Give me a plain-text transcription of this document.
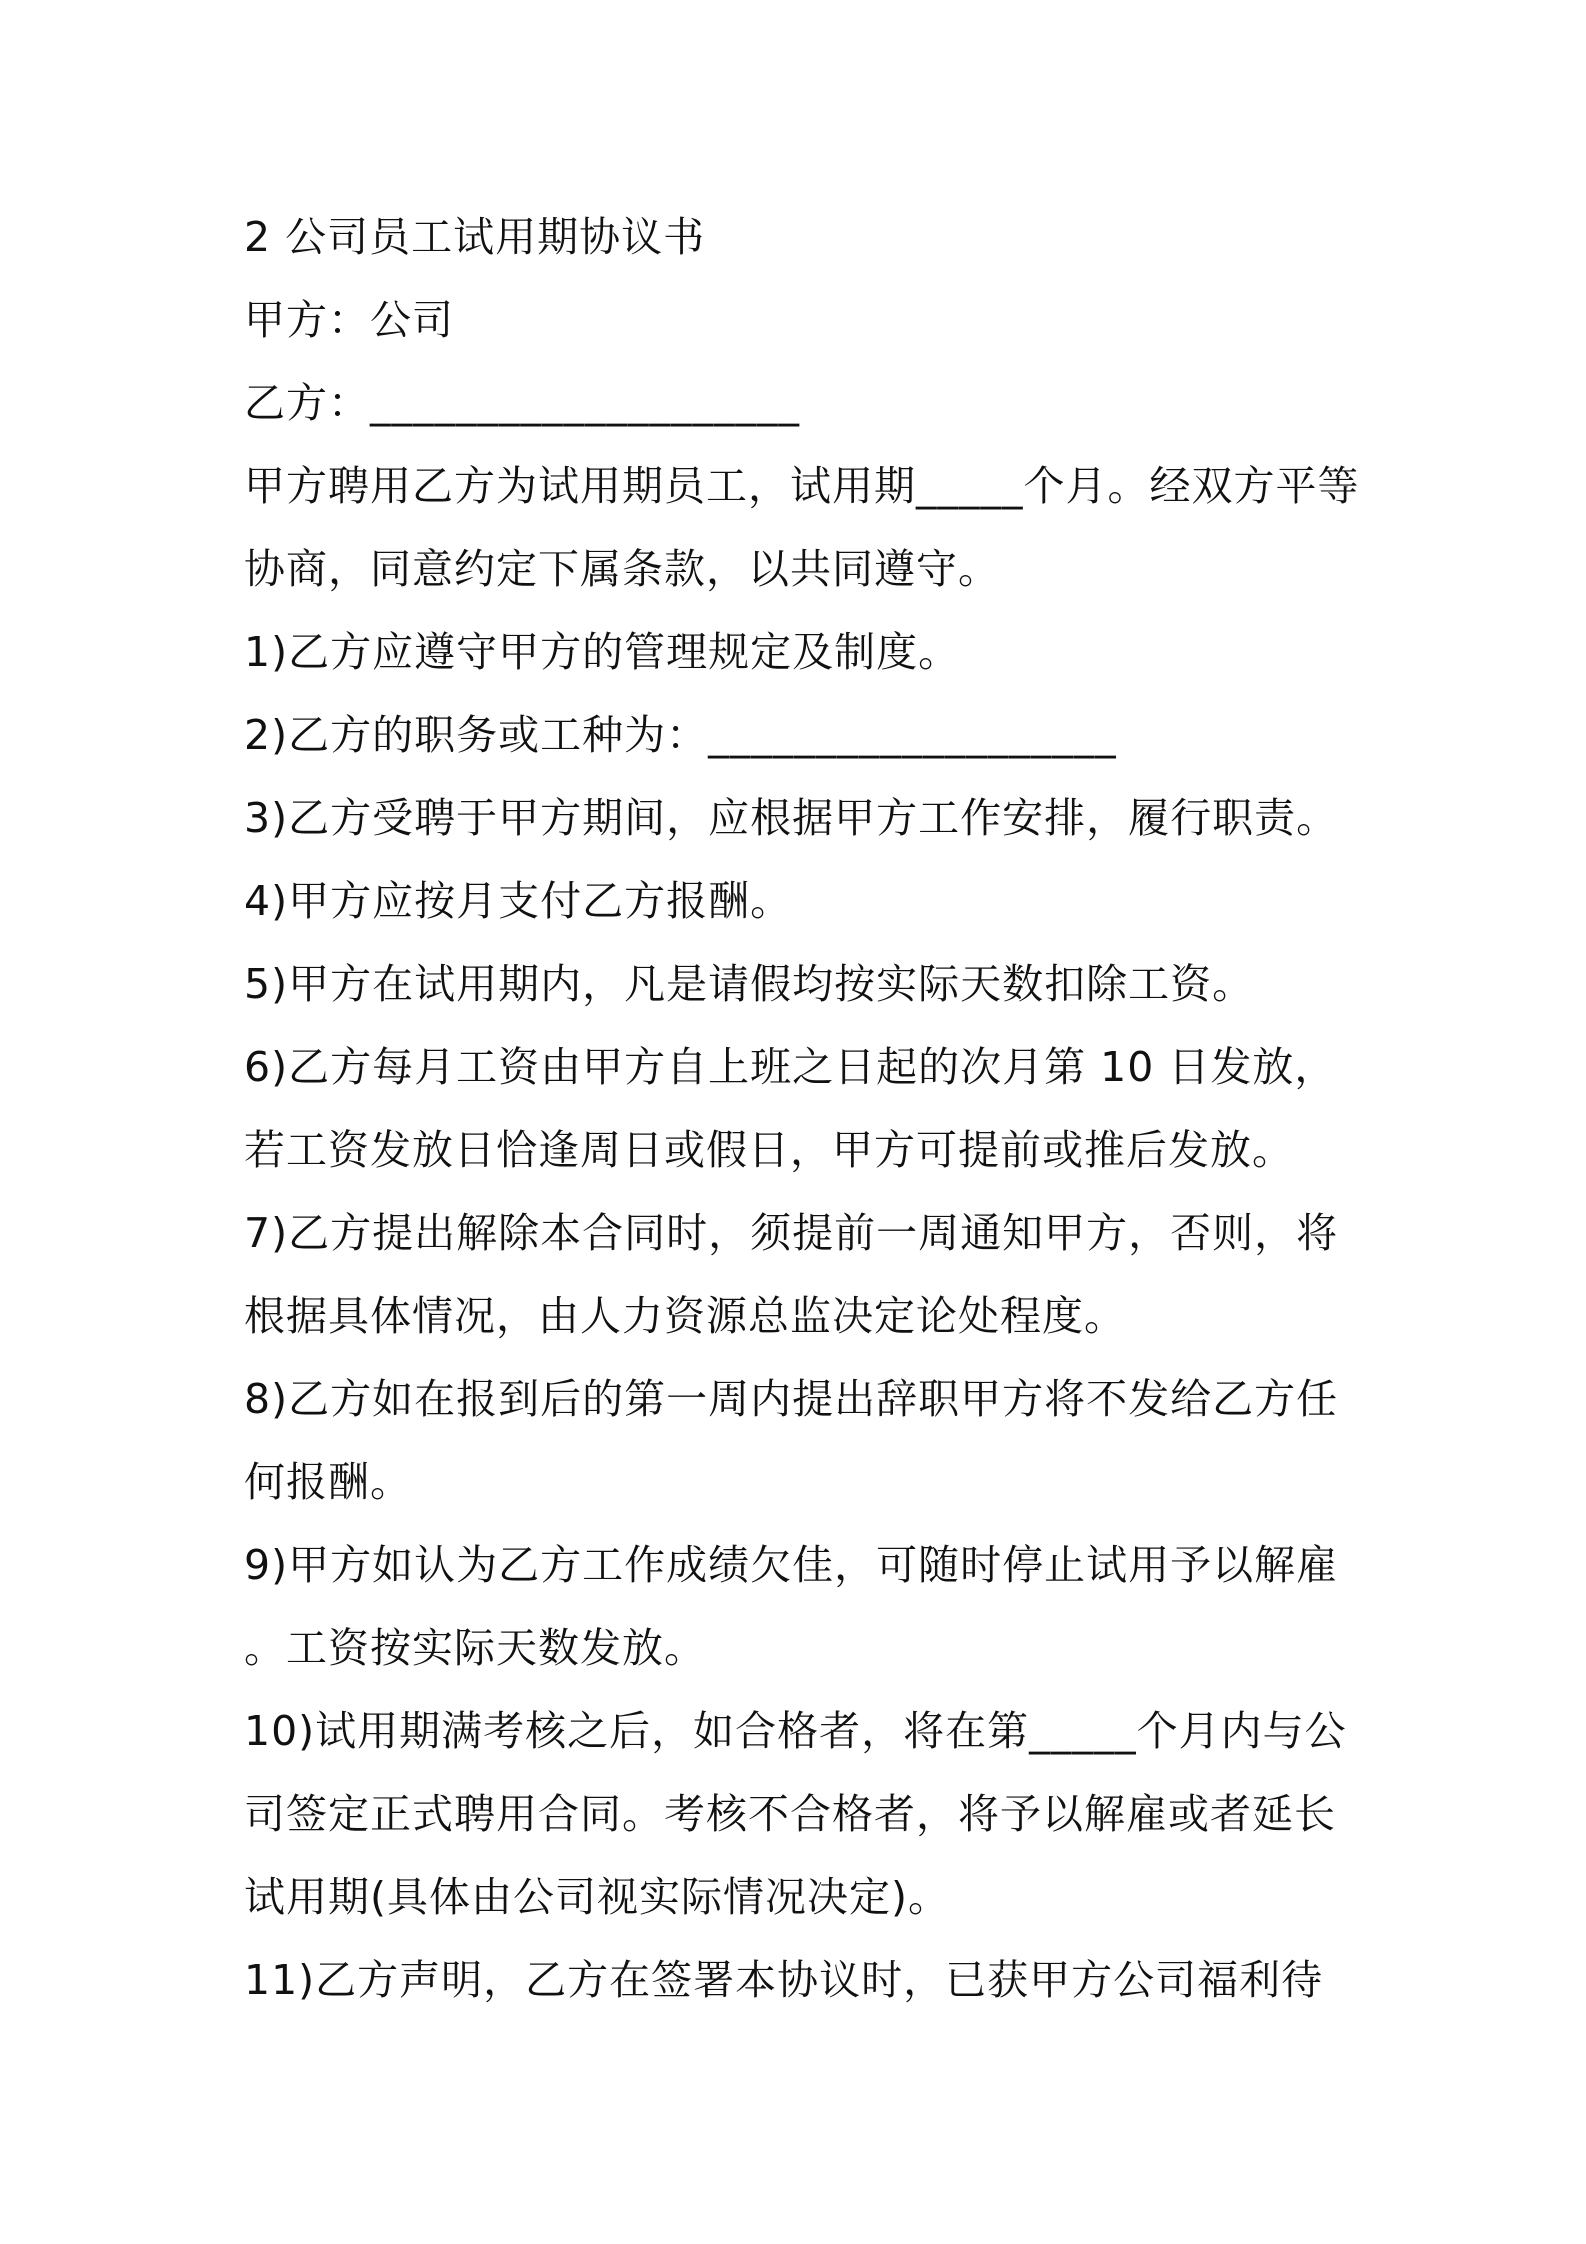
2 公司员工试用期协议书
甲方：公司
乙方：____________________
甲方聘用乙方为试用期员工，试用期_____个月。经双方平等
协商，同意约定下属条款，以共同遵守。
1)乙方应遵守甲方的管理规定及制度。
2)乙方的职务或工种为：___________________
3)乙方受聘于甲方期间，应根据甲方工作安排，履行职责。
4)甲方应按月支付乙方报酬。
5)甲方在试用期内，凡是请假均按实际天数扣除工资。
6)乙方每月工资由甲方自上班之日起的次月第 10 日发放，
若工资发放日恰逢周日或假日，甲方可提前或推后发放。
7)乙方提出解除本合同时，须提前一周通知甲方，否则，将
根据具体情况，由人力资源总监决定论处程度。
8)乙方如在报到后的第一周内提出辞职甲方将不发给乙方任
何报酬。
9)甲方如认为乙方工作成绩欠佳，可随时停止试用予以解雇
。工资按实际天数发放。
10)试用期满考核之后，如合格者，将在第_____个月内与公
司签定正式聘用合同。考核不合格者，将予以解雇或者延长
试用期(具体由公司视实际情况决定)。
11)乙方声明，乙方在签署本协议时，已获甲方公司福利待
